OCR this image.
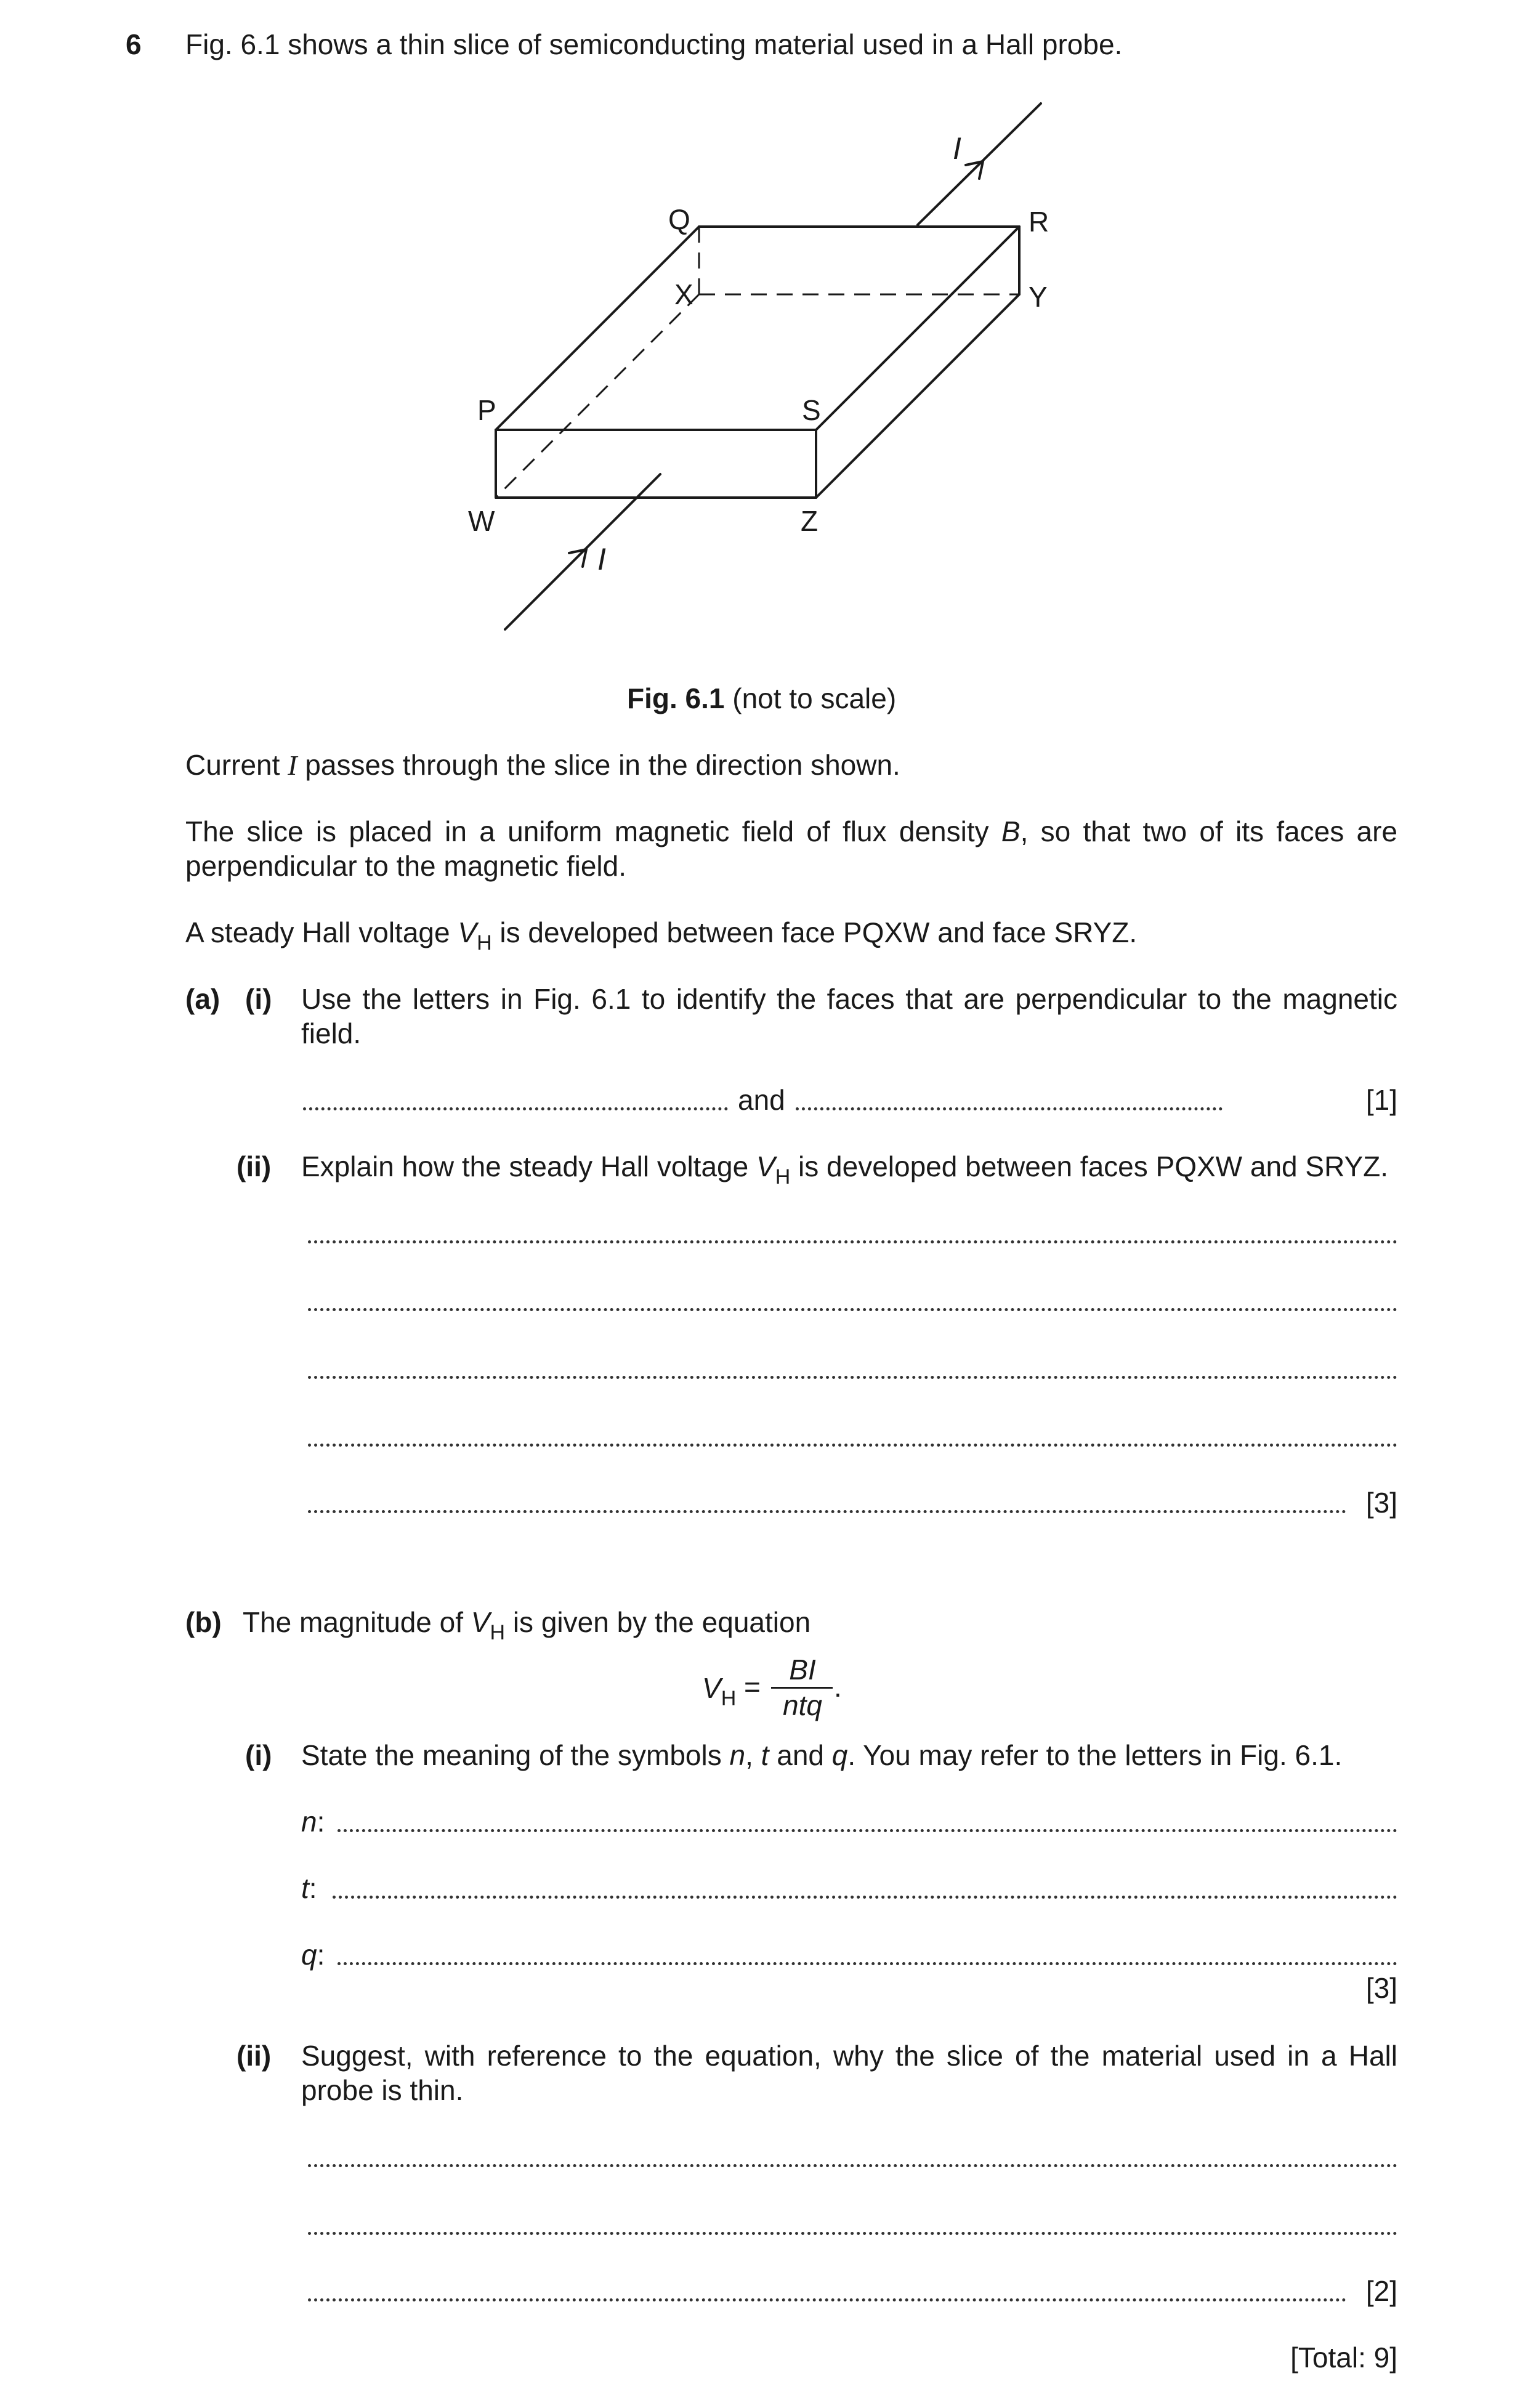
6 Fig. 6.1 shows a thin slice of semiconducting material used in a Hall probe.
Q	R
X	Y
P	S
W	Z
I
I
Fig. 6.1 (not to scale)
Current I passes through the slice in the direction shown.
The slice is placed in a uniform magnetic field of flux density B, so that two of its faces are perpendicular to the magnetic field.
A steady Hall voltage $V_H$ is developed between face PQXW and face SRYZ.
(a) (i) Use the letters in Fig. 6.1 to identify the faces that are perpendicular to the magnetic field.
and	[1]
(ii) Explain how the steady Hall voltage $V_H$ is developed between faces PQXW and SRYZ.
[3]
(b) The magnitude of $V_H$ is given by the equation
$V_H$ =
BI
ntq
.
(i) State the meaning of the symbols n, t and q. You may refer to the letters in Fig. 6.1.
n:
t:
q:
[3]
(ii) Suggest, with reference to the equation, why the slice of the material used in a Hall probe is thin.
[2]
[Total: 9]
